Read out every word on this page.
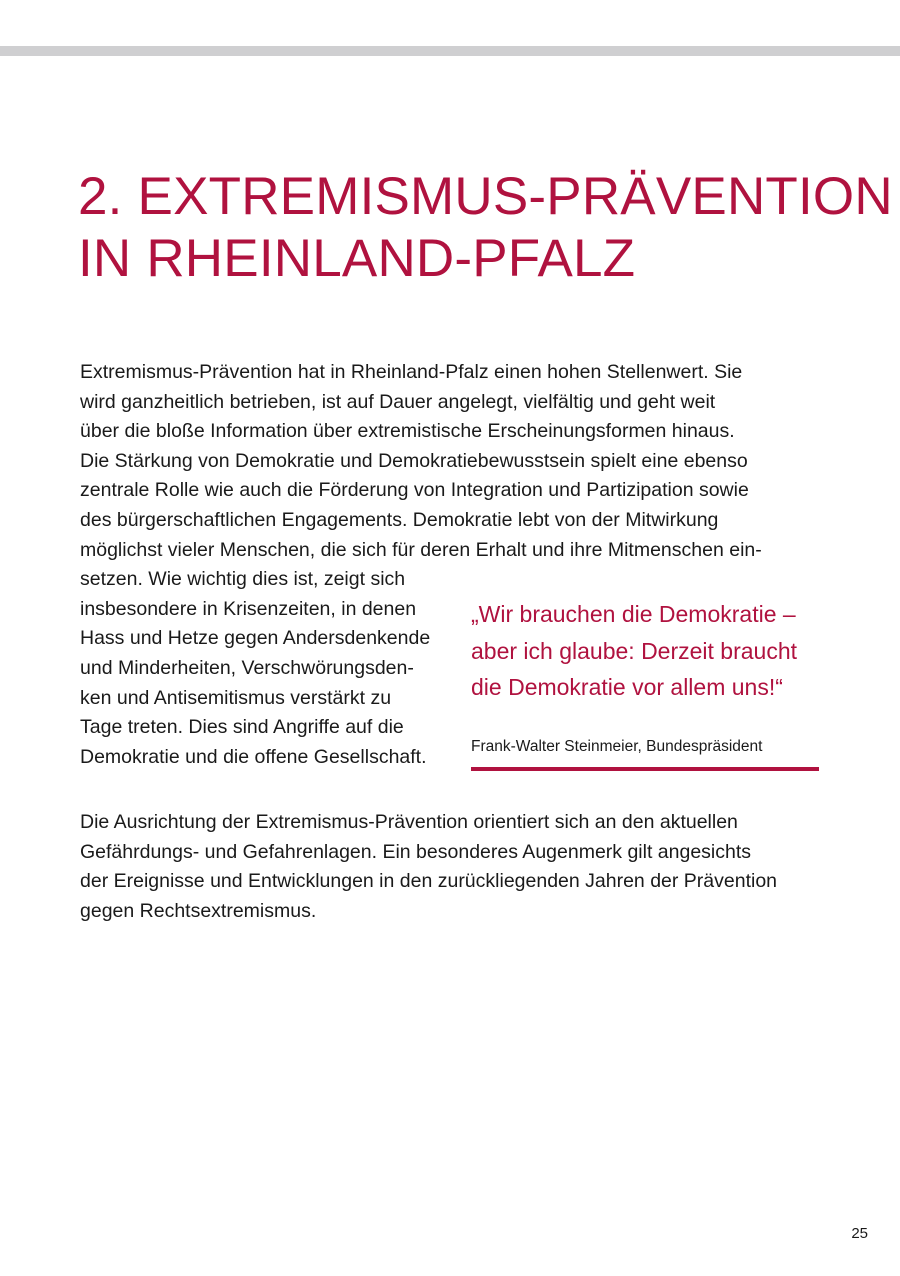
2. EXTREMISMUS-PRÄVENTION
IN RHEINLAND-PFALZ

Extremismus-Prävention hat in Rheinland-Pfalz einen hohen Stellenwert. Sie
wird ganzheitlich betrieben, ist auf Dauer angelegt, vielfältig und geht weit
über die bloße Information über extremistische Erscheinungsformen hinaus.
Die Stärkung von Demokratie und Demokratiebewusstsein spielt eine ebenso
zentrale Rolle wie auch die Förderung von Integration und Partizipation sowie
des bürgerschaftlichen Engagements. Demokratie lebt von der Mitwirkung
möglichst vieler Menschen, die sich für deren Erhalt und ihre Mitmenschen ein-
setzen. Wie wichtig dies ist, zeigt sich
insbesondere in Krisenzeiten, in denen
Hass und Hetze gegen Andersdenkende
und Minderheiten, Verschwörungsden-
ken und Antisemitismus verstärkt zu
Tage treten. Dies sind Angriffe auf die
Demokratie und die offene Gesellschaft.

„Wir brauchen die Demokratie –
aber ich glaube: Derzeit braucht
die Demokratie vor allem uns!“

Frank-Walter Steinmeier, Bundespräsident

Die Ausrichtung der Extremismus-Prävention orientiert sich an den aktuellen
Gefährdungs- und Gefahrenlagen. Ein besonderes Augenmerk gilt angesichts
der Ereignisse und Entwicklungen in den zurückliegenden Jahren der Prävention
gegen Rechtsextremismus.

25
